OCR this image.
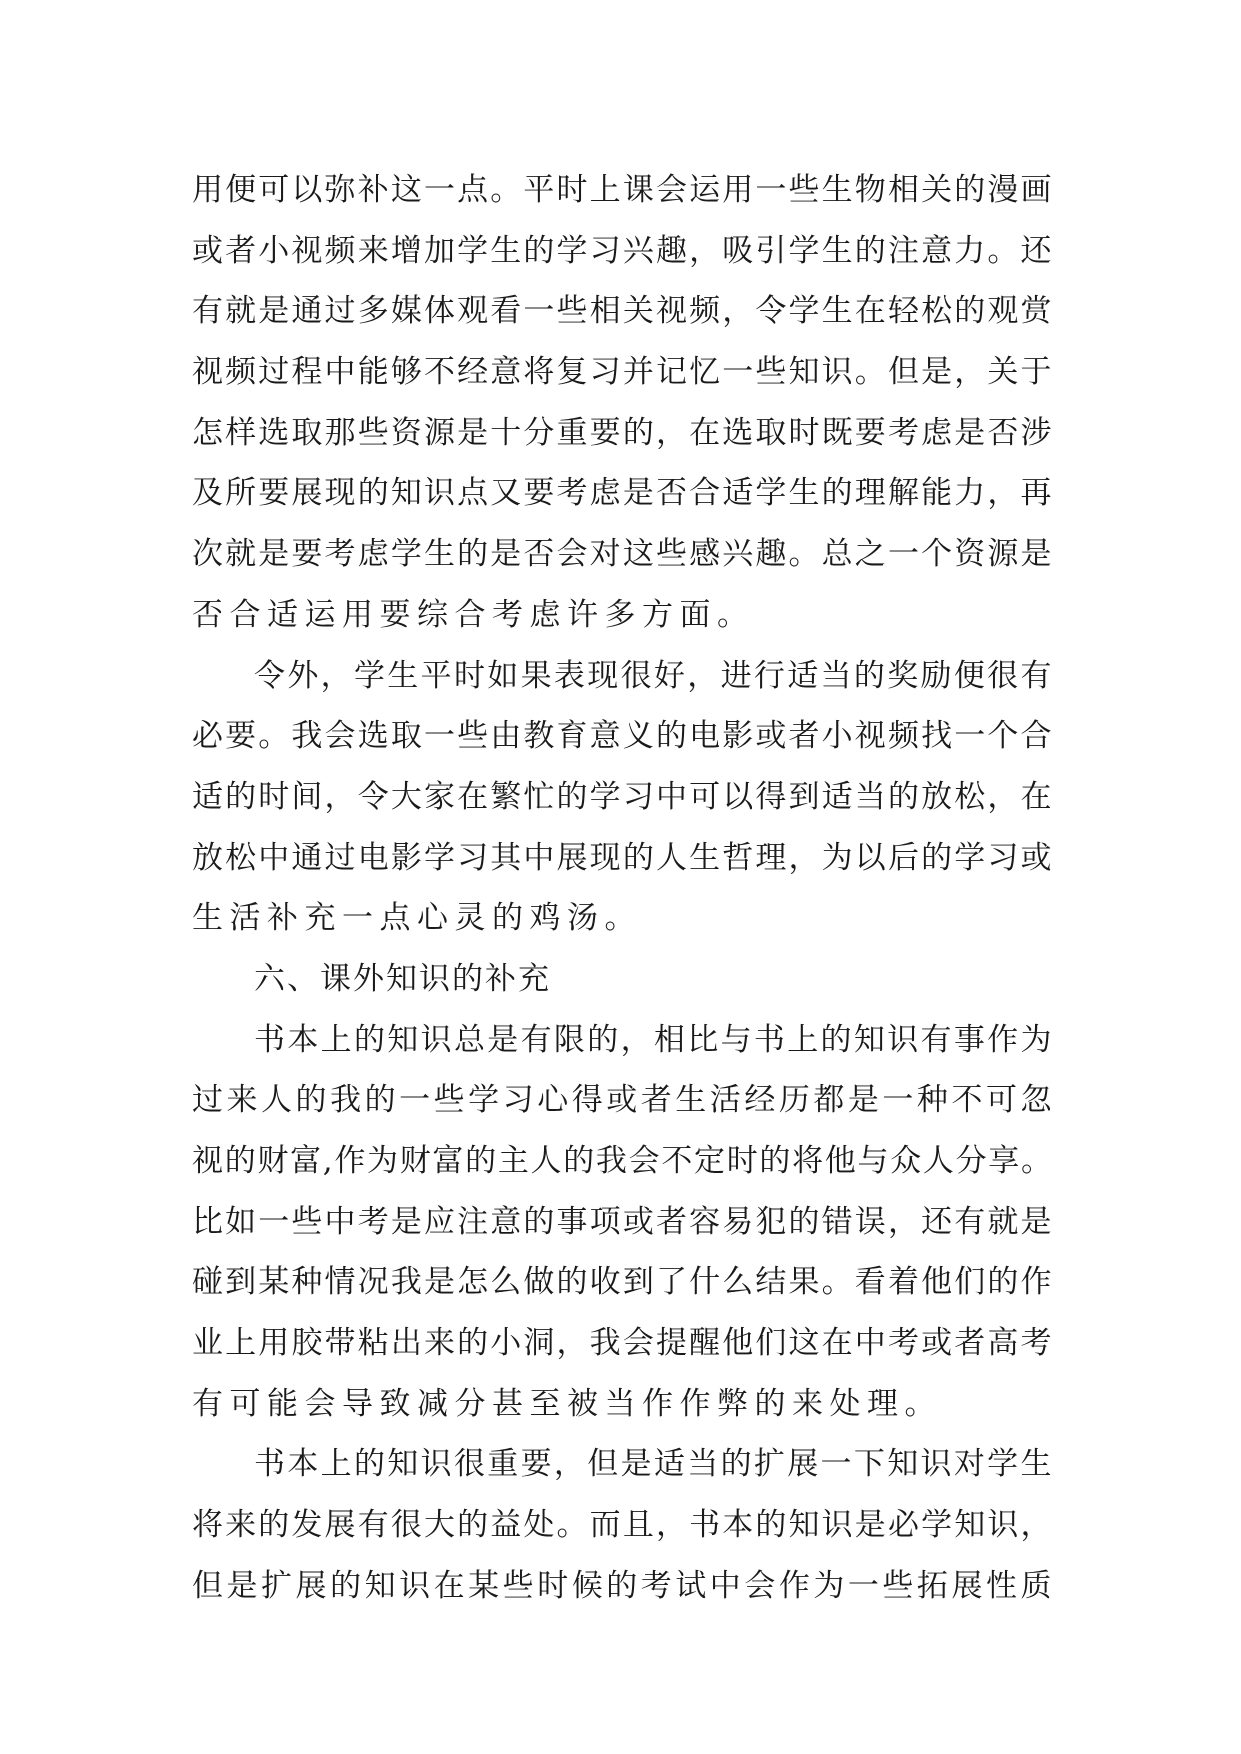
用便可以弥补这一点。平时上课会运用一些生物相关的漫画
或者小视频来增加学生的学习兴趣，吸引学生的注意力。还
有就是通过多媒体观看一些相关视频，令学生在轻松的观赏
视频过程中能够不经意将复习并记忆一些知识。但是，关于
怎样选取那些资源是十分重要的，在选取时既要考虑是否涉
及所要展现的知识点又要考虑是否合适学生的理解能力，再
次就是要考虑学生的是否会对这些感兴趣。总之一个资源是
否合适运用要综合考虑许多方面。
令外，学生平时如果表现很好，进行适当的奖励便很有
必要。我会选取一些由教育意义的电影或者小视频找一个合
适的时间，令大家在繁忙的学习中可以得到适当的放松，在
放松中通过电影学习其中展现的人生哲理，为以后的学习或
生活补充一点心灵的鸡汤。
六、课外知识的补充
书本上的知识总是有限的，相比与书上的知识有事作为
过来人的我的一些学习心得或者生活经历都是一种不可忽
视的财富,作为财富的主人的我会不定时的将他与众人分享。
比如一些中考是应注意的事项或者容易犯的错误，还有就是
碰到某种情况我是怎么做的收到了什么结果。看着他们的作
业上用胶带粘出来的小洞，我会提醒他们这在中考或者高考
有可能会导致减分甚至被当作作弊的来处理。
书本上的知识很重要，但是适当的扩展一下知识对学生
将来的发展有很大的益处。而且，书本的知识是必学知识，
但是扩展的知识在某些时候的考试中会作为一些拓展性质
